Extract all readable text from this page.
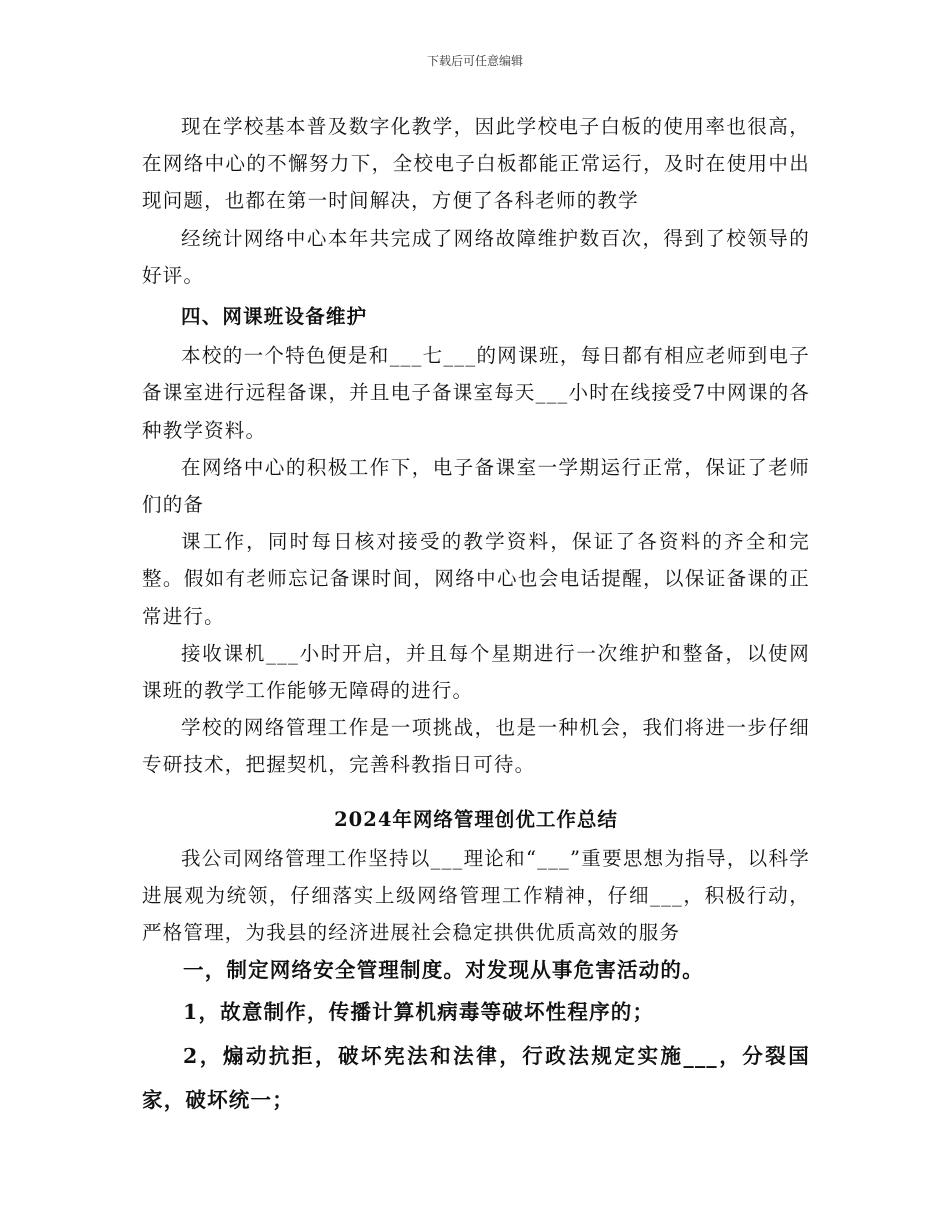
下载后可任意编辑

现在学校基本普及数字化教学，因此学校电子白板的使用率也很高，在网络中心的不懈努力下，全校电子白板都能正常运行，及时在使用中出现问题，也都在第一时间解决，方便了各科老师的教学

经统计网络中心本年共完成了网络故障维护数百次，得到了校领导的好评。

四、网课班设备维护

本校的一个特色便是和___七___的网课班，每日都有相应老师到电子备课室进行远程备课，并且电子备课室每天___小时在线接受7中网课的各种教学资料。

在网络中心的积极工作下，电子备课室一学期运行正常，保证了老师们的备

课工作，同时每日核对接受的教学资料，保证了各资料的齐全和完整。假如有老师忘记备课时间，网络中心也会电话提醒，以保证备课的正常进行。

接收课机___小时开启，并且每个星期进行一次维护和整备，以使网课班的教学工作能够无障碍的进行。

学校的网络管理工作是一项挑战，也是一种机会，我们将进一步仔细专研技术，把握契机，完善科教指日可待。

2024年网络管理创优工作总结

我公司网络管理工作坚持以___理论和“___”重要思想为指导，以科学进展观为统领，仔细落实上级网络管理工作精神，仔细___，积极行动，严格管理，为我县的经济进展社会稳定拱供优质高效的服务

一，制定网络安全管理制度。对发现从事危害活动的。

1，故意制作，传播计算机病毒等破坏性程序的；

2，煽动抗拒，破坏宪法和法律，行政法规定实施___，分裂国家，破坏统一；
